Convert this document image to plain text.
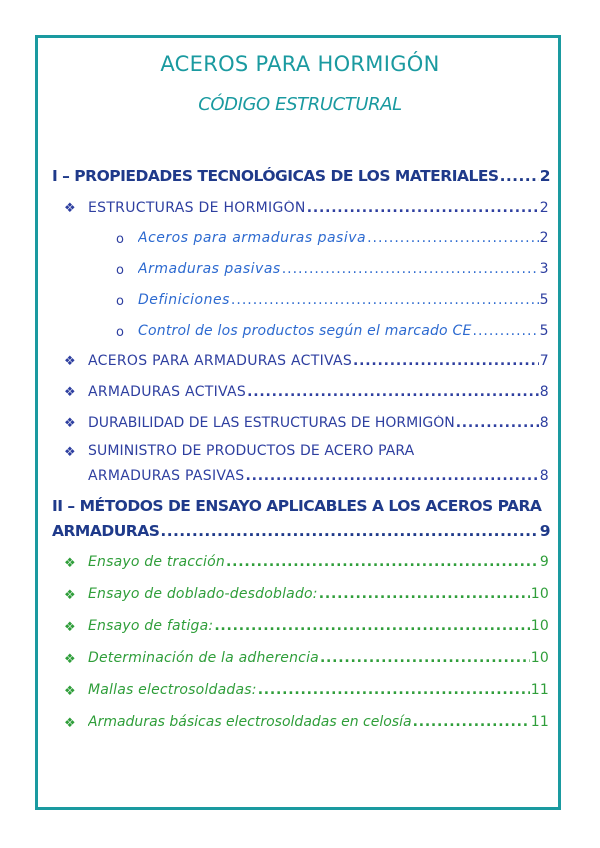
ACEROS PARA HORMIGÓN
CÓDIGO ESTRUCTURAL
I – PROPIEDADES TECNOLÓGICAS DE LOS MATERIALES .....	2
❖ ESTRUCTURAS DE HORMIGÓN .....	2
o Aceros para armaduras pasiva .....	2
o Armaduras pasivas .....	3
o Definiciones .....	5
o Control de los productos según el marcado CE .....	5
❖ ACEROS PARA ARMADURAS ACTIVAS .....	7
❖ ARMADURAS ACTIVAS .....	8
❖ DURABILIDAD DE LAS ESTRUCTURAS DE HORMIGÓN .....	8
❖ SUMINISTRO DE PRODUCTOS DE ACERO PARA
ARMADURAS PASIVAS .....	8
II – MÉTODOS DE ENSAYO APLICABLES A LOS ACEROS PARA
ARMADURAS .....	9
❖ Ensayo de tracción .....	9
❖ Ensayo de doblado-desdoblado: .....	10
❖ Ensayo de fatiga: .....	10
❖ Determinación de la adherencia .....	10
❖ Mallas electrosoldadas: .....	11
❖ Armaduras básicas electrosoldadas en celosía .....	11
